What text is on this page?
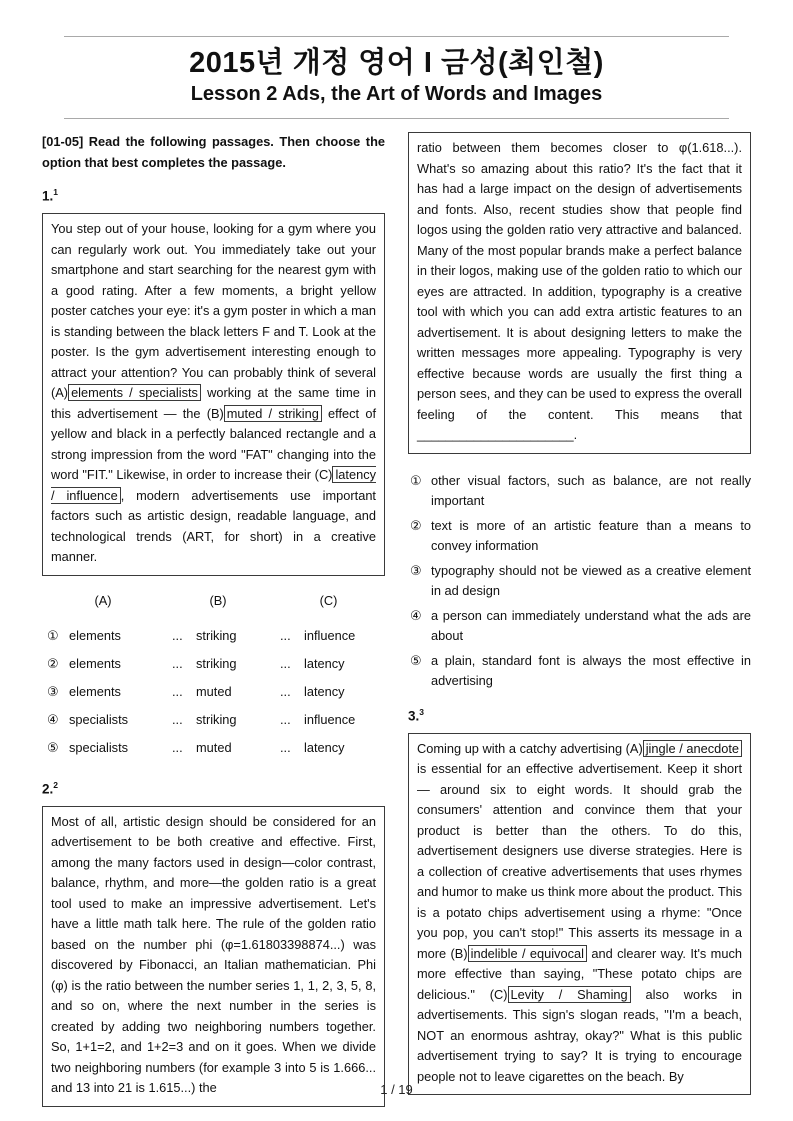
2015년 개정 영어 I 금성(최인철)
Lesson 2 Ads, the Art of Words and Images
[01-05] Read the following passages. Then choose the option that best completes the passage.
1.$^1$
You step out of your house, looking for a gym where you can regularly work out. You immediately take out your smartphone and start searching for the nearest gym with a good rating. After a few moments, a bright yellow poster catches your eye: it's a gym poster in which a man is standing between the black letters F and T. Look at the poster. Is the gym advertisement interesting enough to attract your attention? You can probably think of several (A) elements / specialists working at the same time in this advertisement — the (B) muted / striking effect of yellow and black in a perfectly balanced rectangle and a strong impression from the word "FAT" changing into the word "FIT." Likewise, in order to increase their (C) latency / influence , modern advertisements use important factors such as artistic design, readable language, and technological trends (ART, for short) in a creative manner.
(A)	(B)	(C)
① elements	... striking	... influence
② elements	... striking	... latency
③ elements	... muted	... latency
④ specialists	... striking	... influence
⑤ specialists	... muted	... latency
2.$^2$
Most of all, artistic design should be considered for an advertisement to be both creative and effective. First, among the many factors used in design—color contrast, balance, rhythm, and more—the golden ratio is a great tool used to make an impressive advertisement. Let's have a little math talk here. The rule of the golden ratio based on the number phi (φ=1.61803398874...) was discovered by Fibonacci, an Italian mathematician. Phi (φ) is the ratio between the number series 1, 1, 2, 3, 5, 8, and so on, where the next number in the series is created by adding two neighboring numbers together. So, 1+1=2, and 1+2=3 and on it goes. When we divide two neighboring numbers (for example 3 into 5 is 1.666... and 13 into 21 is 1.615...) the
ratio between them becomes closer to φ(1.618...). What's so amazing about this ratio? It's the fact that it has had a large impact on the design of advertisements and fonts. Also, recent studies show that people find logos using the golden ratio very attractive and balanced. Many of the most popular brands make a perfect balance in their logos, making use of the golden ratio to which our eyes are attracted. In addition, typography is a creative tool with which you can add extra artistic features to an advertisement. It is about designing letters to make the written messages more appealing. Typography is very effective because words are usually the first thing a person sees, and they can be used to express the overall feeling of the content. This means that ______________________.
① other visual factors, such as balance, are not really important
② text is more of an artistic feature than a means to convey information
③ typography should not be viewed as a creative element in ad design
④ a person can immediately understand what the ads are about
⑤ a plain, standard font is always the most effective in advertising
3.$^3$
Coming up with a catchy advertising (A) jingle / anecdote is essential for an effective advertisement. Keep it short — around six to eight words. It should grab the consumers' attention and convince them that your product is better than the others. To do this, advertisement designers use diverse strategies. Here is a collection of creative advertisements that uses rhymes and humor to make us think more about the product. This is a potato chips advertisement using a rhyme: "Once you pop, you can't stop!" This asserts its message in a more (B) indelible / equivocal and clearer way. It's much more effective than saying, "These potato chips are delicious." (C) Levity / Shaming also works in advertisements. This sign's slogan reads, "I'm a beach, NOT an enormous ashtray, okay?" What is this public advertisement trying to say? It is trying to encourage people not to leave cigarettes on the beach. By
1 / 19
